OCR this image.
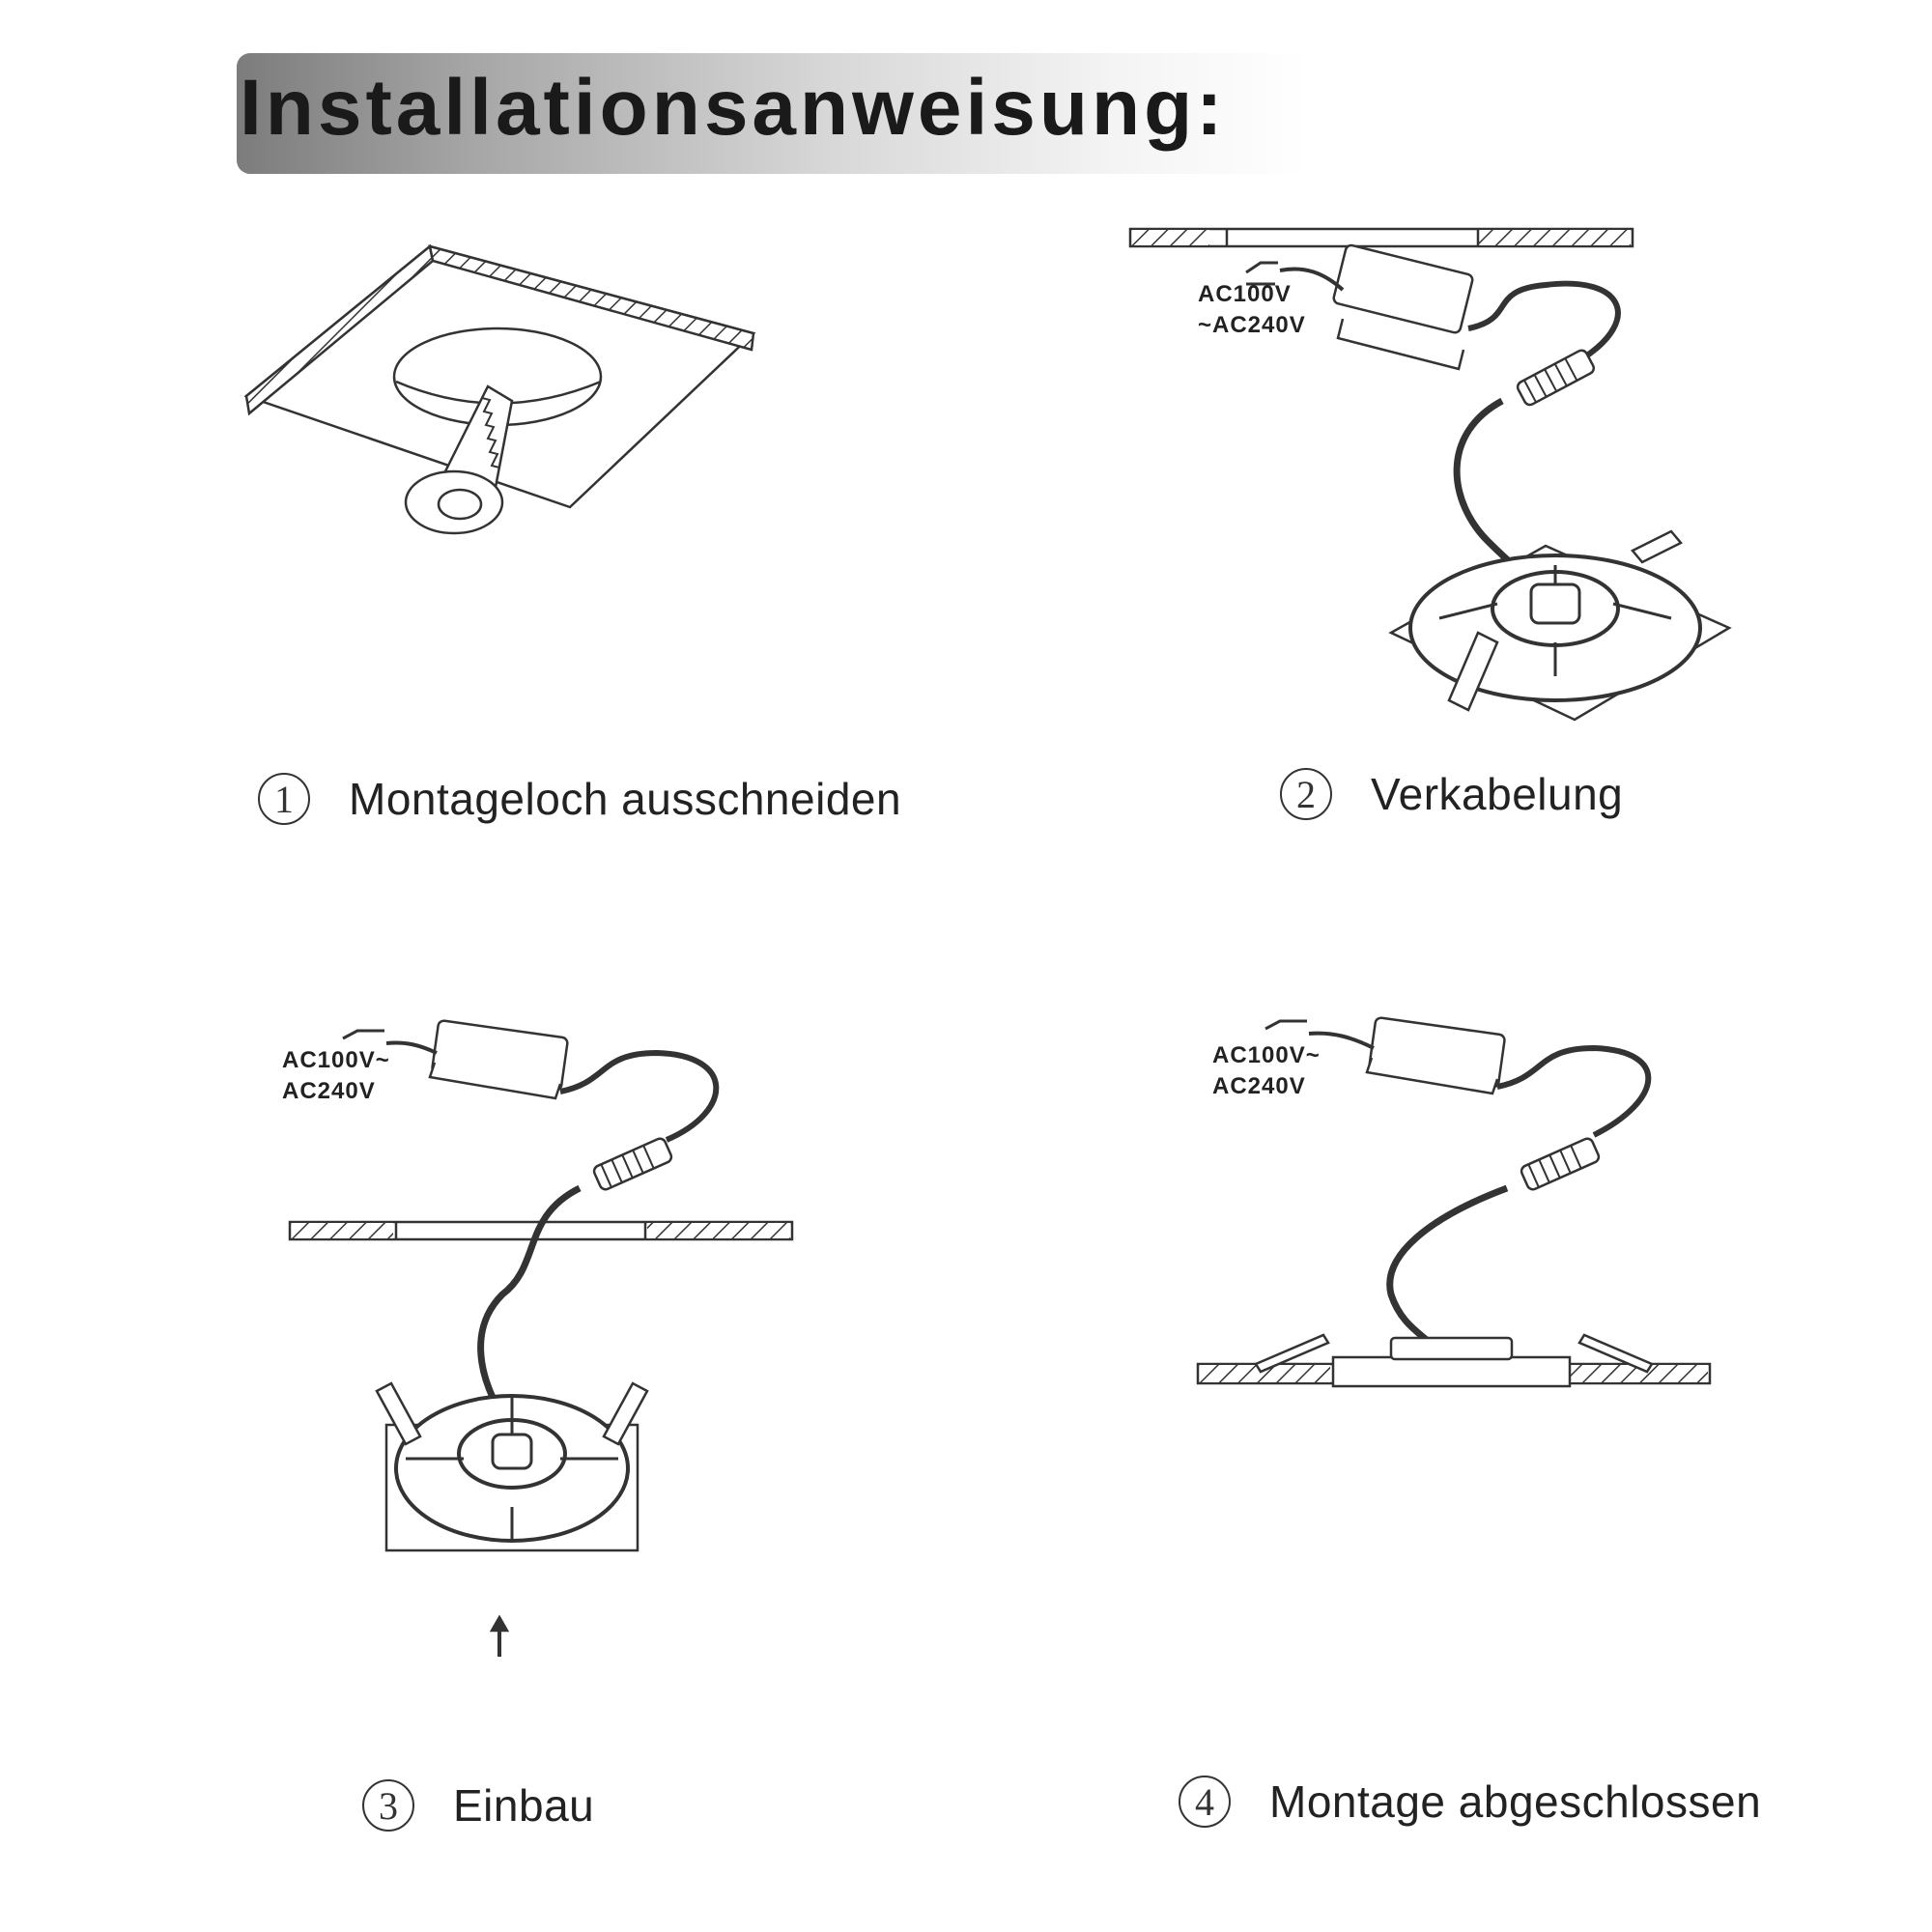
Installationsanweisung:
AC100V
~AC240V
AC100V~
AC240V
AC100V~
AC240V
1	Montageloch ausschneiden	2	Verkabelung
3	Einbau	4	Montage abgeschlossen
